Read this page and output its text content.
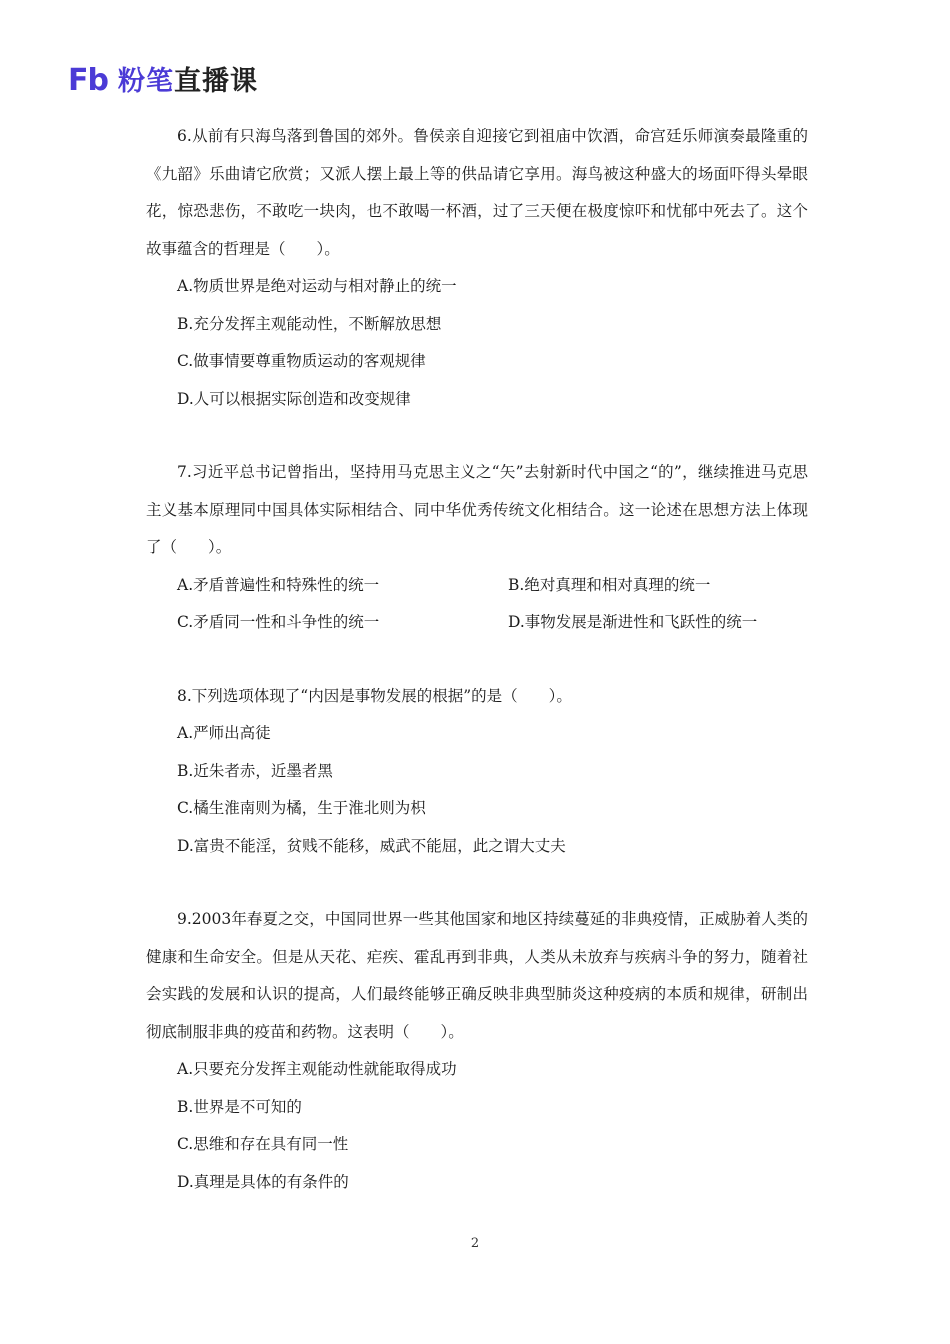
Fb 粉笔直播课

6.从前有只海鸟落到鲁国的郊外。鲁侯亲自迎接它到祖庙中饮酒，命宫廷乐师演奏最隆重的《九韶》乐曲请它欣赏；又派人摆上最上等的供品请它享用。海鸟被这种盛大的场面吓得头晕眼花，惊恐悲伤，不敢吃一块肉，也不敢喝一杯酒，过了三天便在极度惊吓和忧郁中死去了。这个故事蕴含的哲理是（　　）。

A.物质世界是绝对运动与相对静止的统一

B.充分发挥主观能动性，不断解放思想

C.做事情要尊重物质运动的客观规律

D.人可以根据实际创造和改变规律

7.习近平总书记曾指出，坚持用马克思主义之“矢”去射新时代中国之“的”，继续推进马克思主义基本原理同中国具体实际相结合、同中华优秀传统文化相结合。这一论述在思想方法上体现了（　　）。

A.矛盾普遍性和特殊性的统一	B.绝对真理和相对真理的统一

C.矛盾同一性和斗争性的统一	D.事物发展是渐进性和飞跃性的统一

8.下列选项体现了“内因是事物发展的根据”的是（　　）。

A.严师出高徒

B.近朱者赤，近墨者黑

C.橘生淮南则为橘，生于淮北则为枳

D.富贵不能淫，贫贱不能移，威武不能屈，此之谓大丈夫

9.2003年春夏之交，中国同世界一些其他国家和地区持续蔓延的非典疫情，正威胁着人类的健康和生命安全。但是从天花、疟疾、霍乱再到非典，人类从未放弃与疾病斗争的努力，随着社会实践的发展和认识的提高，人们最终能够正确反映非典型肺炎这种疫病的本质和规律，研制出彻底制服非典的疫苗和药物。这表明（　　）。

A.只要充分发挥主观能动性就能取得成功

B.世界是不可知的

C.思维和存在具有同一性

D.真理是具体的有条件的

2
